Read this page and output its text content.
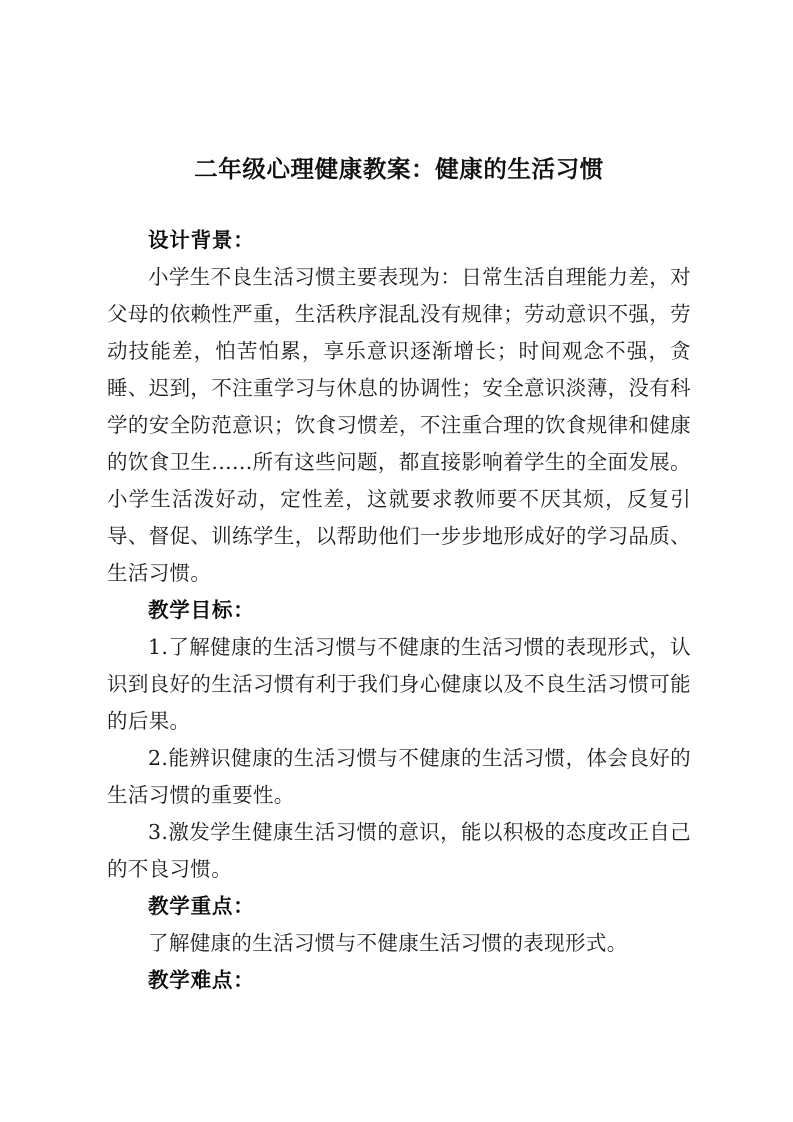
二年级心理健康教案：健康的生活习惯

设计背景：

小学生不良生活习惯主要表现为：日常生活自理能力差，对父母的依赖性严重，生活秩序混乱没有规律；劳动意识不强，劳动技能差，怕苦怕累，享乐意识逐渐增长；时间观念不强，贪睡、迟到，不注重学习与休息的协调性；安全意识淡薄，没有科学的安全防范意识；饮食习惯差，不注重合理的饮食规律和健康的饮食卫生......所有这些问题，都直接影响着学生的全面发展。小学生活泼好动，定性差，这就要求教师要不厌其烦，反复引导、督促、训练学生，以帮助他们一步步地形成好的学习品质、生活习惯。

教学目标：

1.了解健康的生活习惯与不健康的生活习惯的表现形式，认识到良好的生活习惯有利于我们身心健康以及不良生活习惯可能的后果。

2.能辨识健康的生活习惯与不健康的生活习惯，体会良好的生活习惯的重要性。

3.激发学生健康生活习惯的意识，能以积极的态度改正自己的不良习惯。

教学重点：

了解健康的生活习惯与不健康生活习惯的表现形式。

教学难点：
